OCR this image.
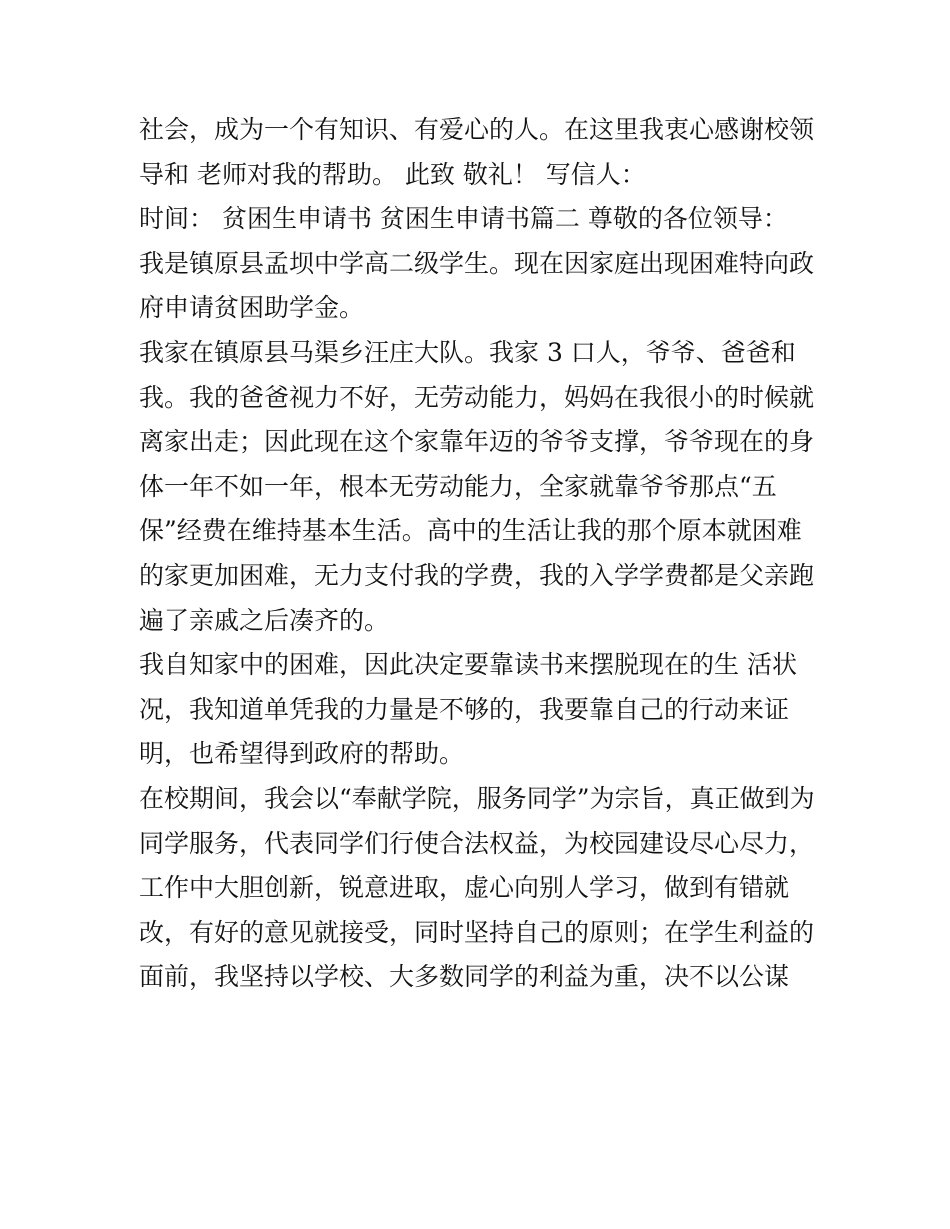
社会，成为一个有知识、有爱心的人。在这里我衷心感谢校领
导和 老师对我的帮助。 此致 敬礼！ 写信人：
时间： 贫困生申请书 贫困生申请书篇二 尊敬的各位领导：
我是镇原县孟坝中学高二级学生。现在因家庭出现困难特向政
府申请贫困助学金。
我家在镇原县马渠乡汪庄大队。我家 3 口人，爷爷、爸爸和
我。我的爸爸视力不好，无劳动能力，妈妈在我很小的时候就
离家出走；因此现在这个家靠年迈的爷爷支撑，爷爷现在的身
体一年不如一年，根本无劳动能力，全家就靠爷爷那点“五
保”经费在维持基本生活。高中的生活让我的那个原本就困难
的家更加困难，无力支付我的学费，我的入学学费都是父亲跑
遍了亲戚之后凑齐的。
我自知家中的困难，因此决定要靠读书来摆脱现在的生 活状
况，我知道单凭我的力量是不够的，我要靠自己的行动来证
明，也希望得到政府的帮助。
在校期间，我会以“奉献学院，服务同学”为宗旨，真正做到为
同学服务，代表同学们行使合法权益，为校园建设尽心尽力，
工作中大胆创新，锐意进取，虚心向别人学习，做到有错就
改，有好的意见就接受，同时坚持自己的原则；在学生利益的
面前，我坚持以学校、大多数同学的利益为重，决不以公谋
